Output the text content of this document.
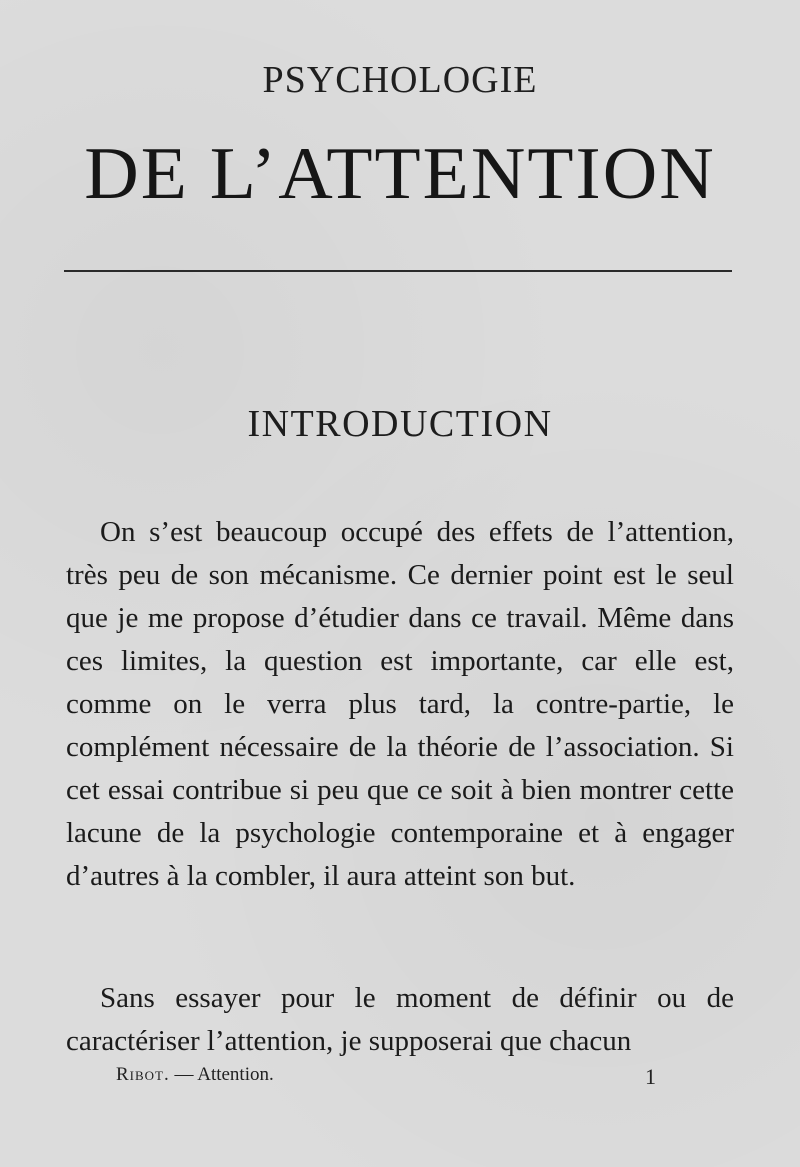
PSYCHOLOGIE
DE L’ATTENTION
INTRODUCTION
On s’est beaucoup occupé des effets de l’attention, très peu de son mécanisme. Ce dernier point est le seul que je me propose d’étudier dans ce travail. Même dans ces limites, la question est importante, car elle est, comme on le verra plus tard, la contre-partie, le complément nécessaire de la théorie de l’association. Si cet essai contribue si peu que ce soit à bien montrer cette lacune de la psychologie contemporaine et à engager d’autres à la combler, il aura atteint son but.
Sans essayer pour le moment de définir ou de caractériser l’attention, je supposerai que chacun
Ribot. — Attention.	1
